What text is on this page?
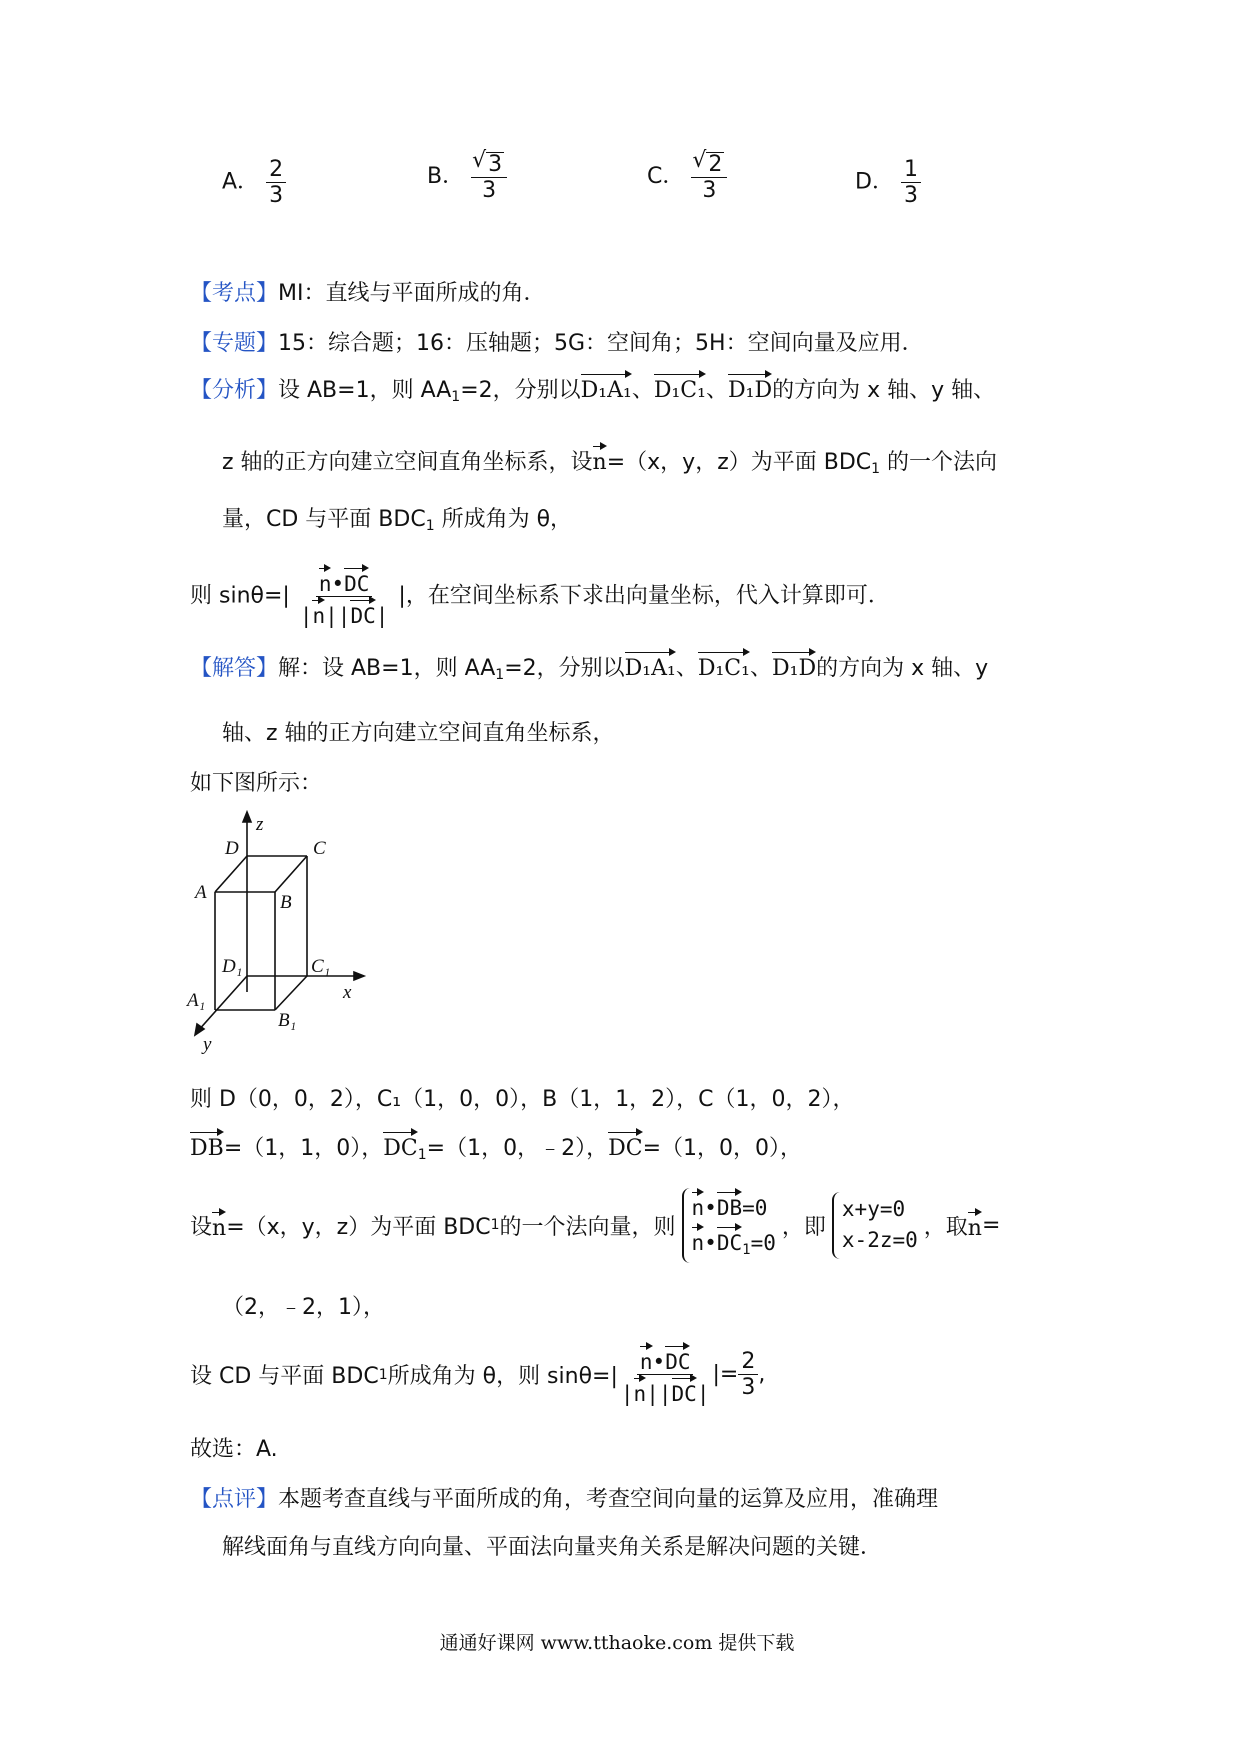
A． $\frac{2}{3}$	B． √ $\frac{3}{3}$	C． √ $\frac{2}{3}$	D． $\frac{1}{3}$
【考点】MI：直线与平面所成的角．
【专题】15：综合题；16：压轴题；5G：空间角；5H：空间向量及应用．
【分析】设 AB=1，则 $AA_1=2$，分别以D₁A₁、D₁C₁、D₁D的方向为 x 轴、y 轴、
z 轴的正方向建立空间直角坐标系，设n=（x，y，z）为平面 $BDC_1$ 的一个法向
量，CD 与平面 $BDC_1$ 所成角为 θ，
则 $\sin\theta=| \frac{n•DC}{|n||DC|}$ |，在空间坐标系下求出向量坐标，代入计算即可．
【解答】解：设 AB=1，则 $AA_1=2$，分别以D₁A₁、D₁C₁、D₁D的方向为 x 轴、y
轴、z 轴的正方向建立空间直角坐标系，
如下图所示：
z
D	C
A	B
D₁	C₁
x
A₁
B₁
y
则 D（0，0，2），C₁（1，0，0），B（1，1，2），C（1，0，2），
DB=（1，1，0），$DC_1=(1$，0，﹣2），DC=（1，0，0），
设 n =（x，y，z）为平面 BDC 1 的一个法向量，则
n•DB=0
$n•DC_1=0$
，即
x+y=0
x-2z=0
，取 n =
（2，﹣2，1），
设 CD 与平面 BDC 1 所成角为 θ，则 $\sin\theta=| \frac{n•DC}{|n||DC|}$ |= $\frac{2}{3}$ ,
故选：A.
【点评】本题考查直线与平面所成的角，考查空间向量的运算及应用，准确理
解线面角与直线方向向量、平面法向量夹角关系是解决问题的关键．
通通好课网 www.tthaoke.com 提供下载
